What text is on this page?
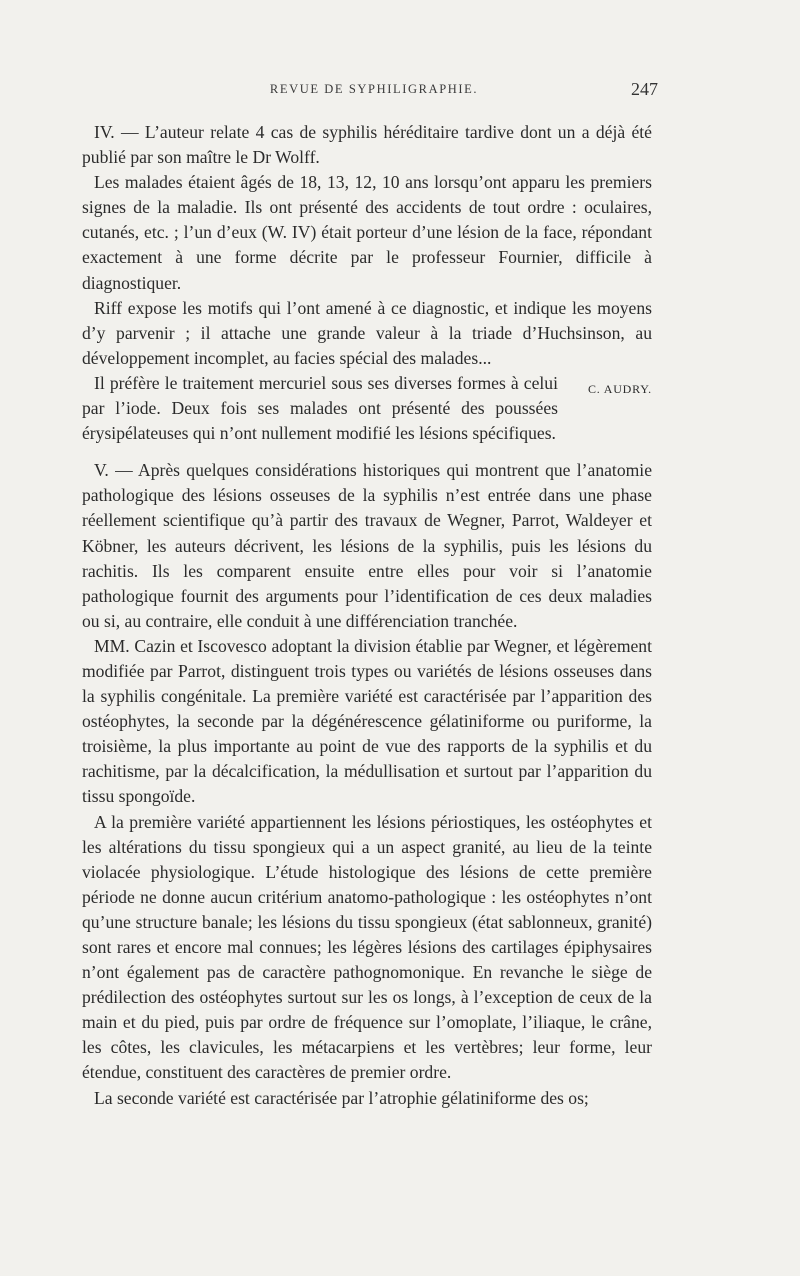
REVUE DE SYPHILIGRAPHIE.	247

IV. — L’auteur relate 4 cas de syphilis héréditaire tardive dont un a déjà été publié par son maître le Dr Wolff.

Les malades étaient âgés de 18, 13, 12, 10 ans lorsqu’ont apparu les premiers signes de la maladie. Ils ont présenté des accidents de tout ordre : oculaires, cutanés, etc. ; l’un d’eux (W. IV) était porteur d’une lésion de la face, répondant exactement à une forme décrite par le professeur Fournier, difficile à diagnostiquer.

Riff expose les motifs qui l’ont amené à ce diagnostic, et indique les moyens d’y parvenir ; il attache une grande valeur à la triade d’Huchsinson, au développement incomplet, au facies spécial des malades...

C. AUDRY.
Il préfère le traitement mercuriel sous ses diverses formes à celui par l’iode. Deux fois ses malades ont présenté des poussées érysipélateuses qui n’ont nullement modifié les lésions spécifiques.

V. — Après quelques considérations historiques qui montrent que l’anatomie pathologique des lésions osseuses de la syphilis n’est entrée dans une phase réellement scientifique qu’à partir des travaux de Wegner, Parrot, Waldeyer et Köbner, les auteurs décrivent, les lésions de la syphilis, puis les lésions du rachitis. Ils les comparent ensuite entre elles pour voir si l’anatomie pathologique fournit des arguments pour l’identification de ces deux maladies ou si, au contraire, elle conduit à une différenciation tranchée.

MM. Cazin et Iscovesco adoptant la division établie par Wegner, et légèrement modifiée par Parrot, distinguent trois types ou variétés de lésions osseuses dans la syphilis congénitale. La première variété est caractérisée par l’apparition des ostéophytes, la seconde par la dégénérescence gélatiniforme ou puriforme, la troisième, la plus importante au point de vue des rapports de la syphilis et du rachitisme, par la décalcification, la médullisation et surtout par l’apparition du tissu spongoïde.

A la première variété appartiennent les lésions périostiques, les ostéophytes et les altérations du tissu spongieux qui a un aspect granité, au lieu de la teinte violacée physiologique. L’étude histologique des lésions de cette première période ne donne aucun critérium anatomo-pathologique : les ostéophytes n’ont qu’une structure banale; les lésions du tissu spongieux (état sablonneux, granité) sont rares et encore mal connues; les légères lésions des cartilages épiphysaires n’ont également pas de caractère pathognomonique. En revanche le siège de prédilection des ostéophytes surtout sur les os longs, à l’exception de ceux de la main et du pied, puis par ordre de fréquence sur l’omoplate, l’iliaque, le crâne, les côtes, les clavicules, les métacarpiens et les vertèbres; leur forme, leur étendue, constituent des caractères de premier ordre.

La seconde variété est caractérisée par l’atrophie gélatiniforme des os;
